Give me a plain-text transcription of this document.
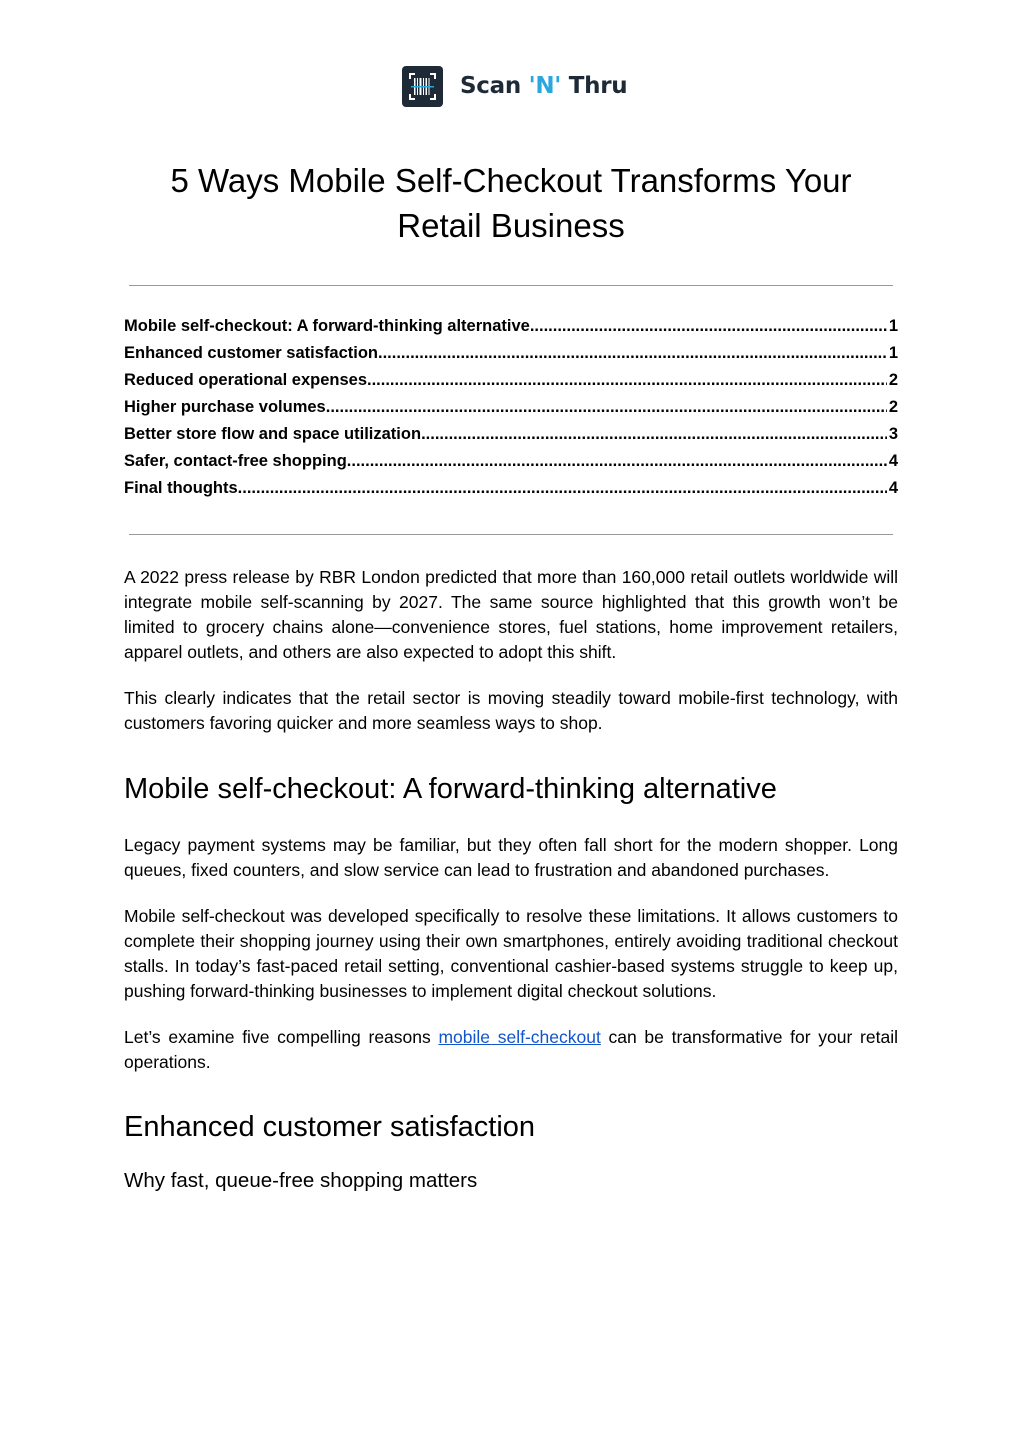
Scan 'N' Thru
5 Ways Mobile Self-Checkout Transforms Your Retail Business
Mobile self-checkout: A forward-thinking alternative .....	1
Enhanced customer satisfaction .....	1
Reduced operational expenses .....	2
Higher purchase volumes .....	2
Better store flow and space utilization .....	3
Safer, contact-free shopping .....	4
Final thoughts .....	4

A 2022 press release by RBR London predicted that more than 160,000 retail outlets worldwide will integrate mobile self-scanning by 2027. The same source highlighted that this growth won’t be limited to grocery chains alone—convenience stores, fuel stations, home improvement retailers, apparel outlets, and others are also expected to adopt this shift.

This clearly indicates that the retail sector is moving steadily toward mobile-first technology, with customers favoring quicker and more seamless ways to shop.

Mobile self-checkout: A forward-thinking alternative

Legacy payment systems may be familiar, but they often fall short for the modern shopper. Long queues, fixed counters, and slow service can lead to frustration and abandoned purchases.

Mobile self-checkout was developed specifically to resolve these limitations. It allows customers to complete their shopping journey using their own smartphones, entirely avoiding traditional checkout stalls. In today’s fast-paced retail setting, conventional cashier-based systems struggle to keep up, pushing forward-thinking businesses to implement digital checkout solutions.

Let’s examine five compelling reasons mobile self-checkout can be transformative for your retail operations.

Enhanced customer satisfaction
Why fast, queue-free shopping matters
